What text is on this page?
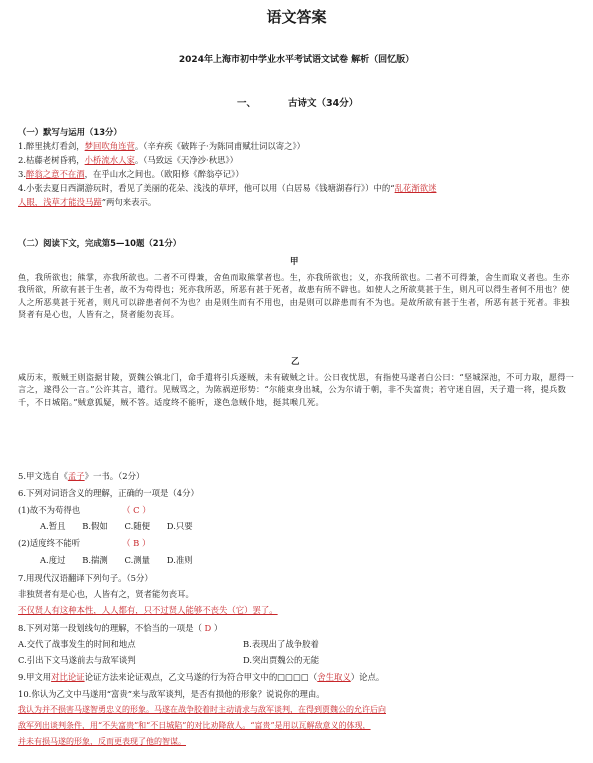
语文答案
2024年上海市初中学业水平考试语文试卷 解析（回忆版）
一、	古诗文（34分）
（一）默写与运用（13分）
1.醉里挑灯看剑，梦回吹角连营。（辛弃疾《破阵子·为陈同甫赋壮词以寄之》）
2.枯藤老树昏鸦，小桥流水人家。（马致远《天净沙·秋思》）
3.醉翁之意不在酒，在乎山水之间也。（欧阳修《醉翁亭记》）
4.小张去夏日西湖游玩时，看见了美丽的花朵、浅浅的草坪，他可以用（白居易《钱塘湖春行》）中的“乱花渐欲迷
人眼，浅草才能没马蹄”两句来表示。
（二）阅读下文，完成第5—10题（21分）
甲
鱼，我所欲也；熊掌，亦我所欲也。二者不可得兼，舍鱼而取熊掌者也。生，亦我所欲也；义，亦我所欲也。二者不可得兼，舍生而取义者也。生亦我所欲，所欲有甚于生者，故不为苟得也；死亦我所恶，所恶有甚于死者，故患有所不辟也。如使人之所欲莫甚于生，则凡可以得生者何不用也？使人之所恶莫甚于死者，则凡可以辟患者何不为也？由是则生而有不用也，由是则可以辟患而有不为也。是故所欲有甚于生者，所恶有甚于死者。非独贤者有是心也，人皆有之，贤者能勿丧耳。
乙
咸历末，叛贼王则盗据甘陵，贾魏公镇北门，命手遣将引兵逐贼，未有破贼之计。公日夜忧思，有指使马遂者白公曰：“坚城深池，不可力取，愿得一言之，遂得公一言。”公许其言，遣行。见贼骂之，为陈祸逆形势：“尔能束身出城，公为尔请于朝，非不失富贵；若守迷自固，天子遣一将，提兵数千，不日城陷。”贼意狐疑，贼不答。适度终不能听，遂色急贼仆地，挺其喉几死。
5.甲文选自《孟子》一书。（2分）
6.下列对词语含义的理解，正确的一项是（4分）
(1)故不为苟得也	（ C ）
A.暂且　　B.假如　　C.随便　　D.只要
(2)适度终不能听	（ B ）
A.度过　　B.揣测　　C.测量　　D.准则
7.用现代汉语翻译下列句子。（5分）
非独贤者有是心也，人皆有之，贤者能勿丧耳。
不仅贤人有这种本性，人人都有，只不过贤人能够不丧失（它）罢了。
8.下列对第一段划线句的理解，不恰当的一项是（ D ）
A.交代了战事发生的时间和地点	B.表现出了战争胶着
C.引出下文马遂前去与敌军谈判	D.突出贾魏公的无能
9.甲文用对比论证论证方法来论证观点，乙文马遂的行为符合甲文中的□□□□（舍生取义）论点。
10.你认为乙文中马遂用“富贵”来与敌军谈判，是否有损他的形象？说说你的理由。
我认为并不损害马遂智勇忠义的形象。马遂在战争胶着时主动请求与敌军谈判，在得到贾魏公的允许后向
敌军列出谈判条件，用“不失富贵”和“不日城陷”的对比劝降敌人。“富贵”是用以瓦解敌意义的体现，
并未有损马遂的形象，反而更表现了他的智谋。
